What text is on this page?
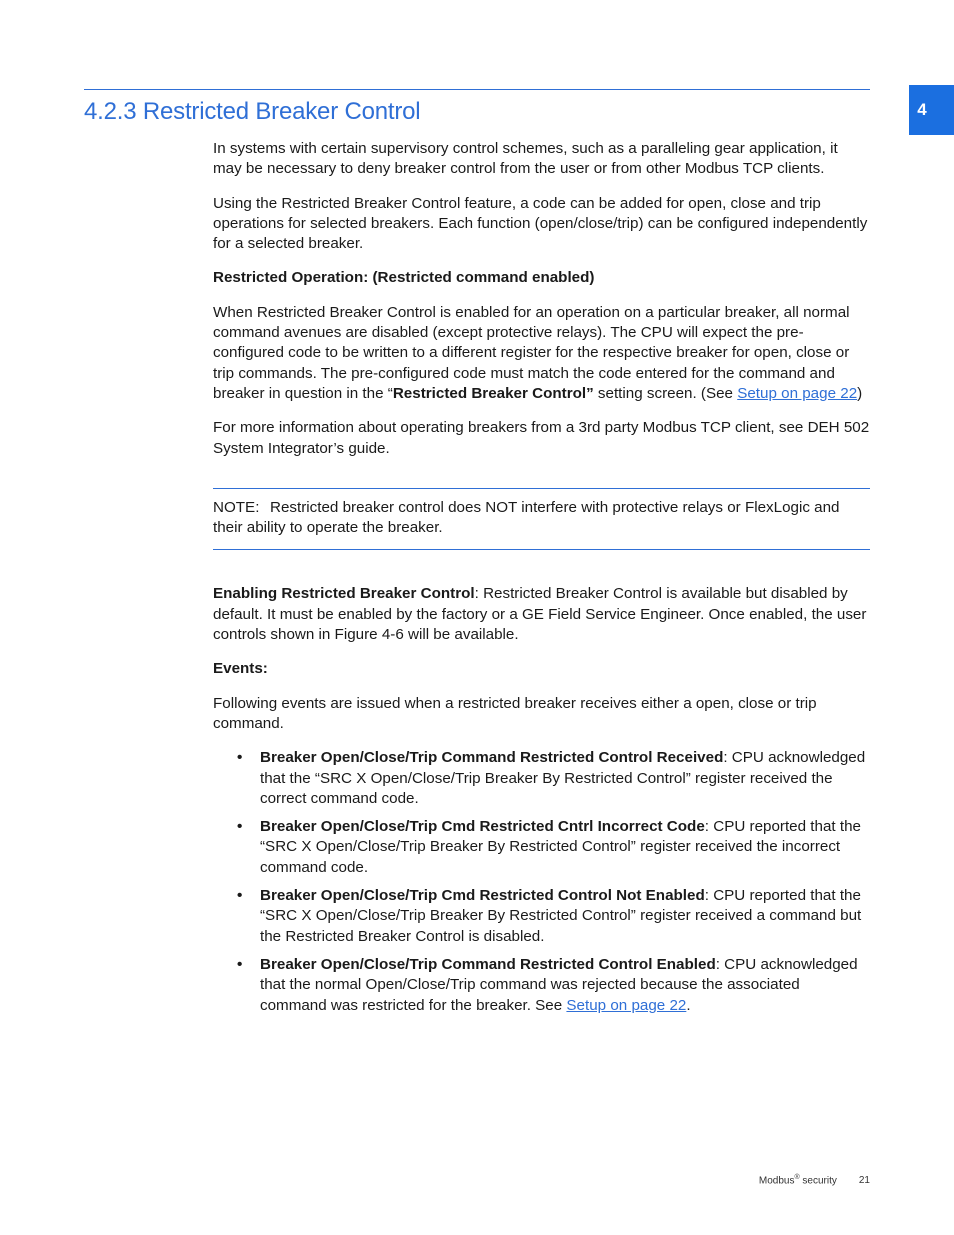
4
4.2.3 Restricted Breaker Control

In systems with certain supervisory control schemes, such as a paralleling gear application, it may be necessary to deny breaker control from the user or from other Modbus TCP clients.

Using the Restricted Breaker Control feature, a code can be added for open, close and trip operations for selected breakers. Each function (open/close/trip) can be configured independently for a selected breaker.

Restricted Operation: (Restricted command enabled)

When Restricted Breaker Control is enabled for an operation on a particular breaker, all normal command avenues are disabled (except protective relays). The CPU will expect the pre-configured code to be written to a different register for the respective breaker for open, close or trip commands. The pre-configured code must match the code entered for the command and breaker in question in the “Restricted Breaker Control” setting screen. (See Setup on page 22)

For more information about operating breakers from a 3rd party Modbus TCP client, see DEH 502 System Integrator’s guide.

NOTE: Restricted breaker control does NOT interfere with protective relays or FlexLogic and their ability to operate the breaker.

Enabling Restricted Breaker Control: Restricted Breaker Control is available but disabled by default. It must be enabled by the factory or a GE Field Service Engineer. Once enabled, the user controls shown in Figure 4-6 will be available.

Events:

Following events are issued when a restricted breaker receives either a open, close or trip command.

• Breaker Open/Close/Trip Command Restricted Control Received: CPU acknowledged that the “SRC X Open/Close/Trip Breaker By Restricted Control” register received the correct command code.
• Breaker Open/Close/Trip Cmd Restricted Cntrl Incorrect Code: CPU reported that the “SRC X Open/Close/Trip Breaker By Restricted Control” register received the incorrect command code.
• Breaker Open/Close/Trip Cmd Restricted Control Not Enabled: CPU reported that the “SRC X Open/Close/Trip Breaker By Restricted Control” register received a command but the Restricted Breaker Control is disabled.
• Breaker Open/Close/Trip Command Restricted Control Enabled: CPU acknowledged that the normal Open/Close/Trip command was rejected because the associated command was restricted for the breaker. See Setup on page 22.
Modbus® security 21
